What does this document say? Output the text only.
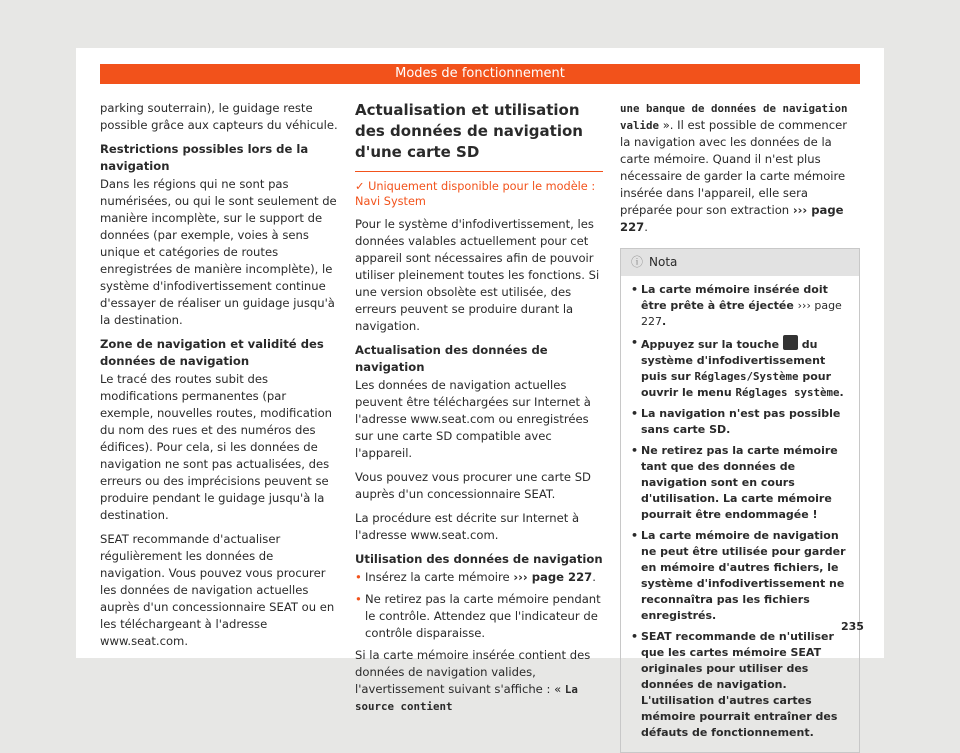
Modes de fonctionnement

parking souterrain), le guidage reste possible grâce aux capteurs du véhicule.

Restrictions possibles lors de la navigation

Dans les régions qui ne sont pas numérisées, ou qui le sont seulement de manière incomplète, sur le support de données (par exemple, voies à sens unique et catégories de routes enregistrées de manière incomplète), le système d'infodivertissement continue d'essayer de réaliser un guidage jusqu'à la destination.

Zone de navigation et validité des données de navigation

Le tracé des routes subit des modifications permanentes (par exemple, nouvelles routes, modification du nom des rues et des numéros des édifices). Pour cela, si les données de navigation ne sont pas actualisées, des erreurs ou des imprécisions peuvent se produire pendant le guidage jusqu'à la destination.

SEAT recommande d'actualiser régulièrement les données de navigation. Vous pouvez vous procurer les données de navigation actuelles auprès d'un concessionnaire SEAT ou en les téléchargeant à l'adresse www.seat.com.

Actualisation et utilisation des données de navigation d'une carte SD

✓ Uniquement disponible pour le modèle : Navi System

Pour le système d'infodivertissement, les données valables actuellement pour cet appareil sont nécessaires afin de pouvoir utiliser pleinement toutes les fonctions. Si une version obsolète est utilisée, des erreurs peuvent se produire durant la navigation.

Actualisation des données de navigation

Les données de navigation actuelles peuvent être téléchargées sur Internet à l'adresse www.seat.com ou enregistrées sur une carte SD compatible avec l'appareil.

Vous pouvez vous procurer une carte SD auprès d'un concessionnaire SEAT.

La procédure est décrite sur Internet à l'adresse www.seat.com.

Utilisation des données de navigation

• Insérez la carte mémoire ››› page 227.
• Ne retirez pas la carte mémoire pendant le contrôle. Attendez que l'indicateur de contrôle disparaisse.

Si la carte mémoire insérée contient des données de navigation valides, l'avertissement suivant s'affiche : « La source contient

une banque de données de navigation valide ». Il est possible de commencer la navigation avec les données de la carte mémoire. Quand il n'est plus nécessaire de garder la carte mémoire insérée dans l'appareil, elle sera préparée pour son extraction ››› page 227.

ⓘ Nota
• La carte mémoire insérée doit être prête à être éjectée ››› page 227.
• Appuyez sur la touche  du système d'infodivertissement puis sur Réglages/Système pour ouvrir le menu Réglages système.
• La navigation n'est pas possible sans carte SD.
• Ne retirez pas la carte mémoire tant que des données de navigation sont en cours d'utilisation. La carte mémoire pourrait être endommagée !
• La carte mémoire de navigation ne peut être utilisée pour garder en mémoire d'autres fichiers, le système d'infodivertissement ne reconnaîtra pas les fichiers enregistrés.
• SEAT recommande de n'utiliser que les cartes mémoire SEAT originales pour utiliser des données de navigation. L'utilisation d'autres cartes mémoire pourrait entraîner des défauts de fonctionnement.
235
